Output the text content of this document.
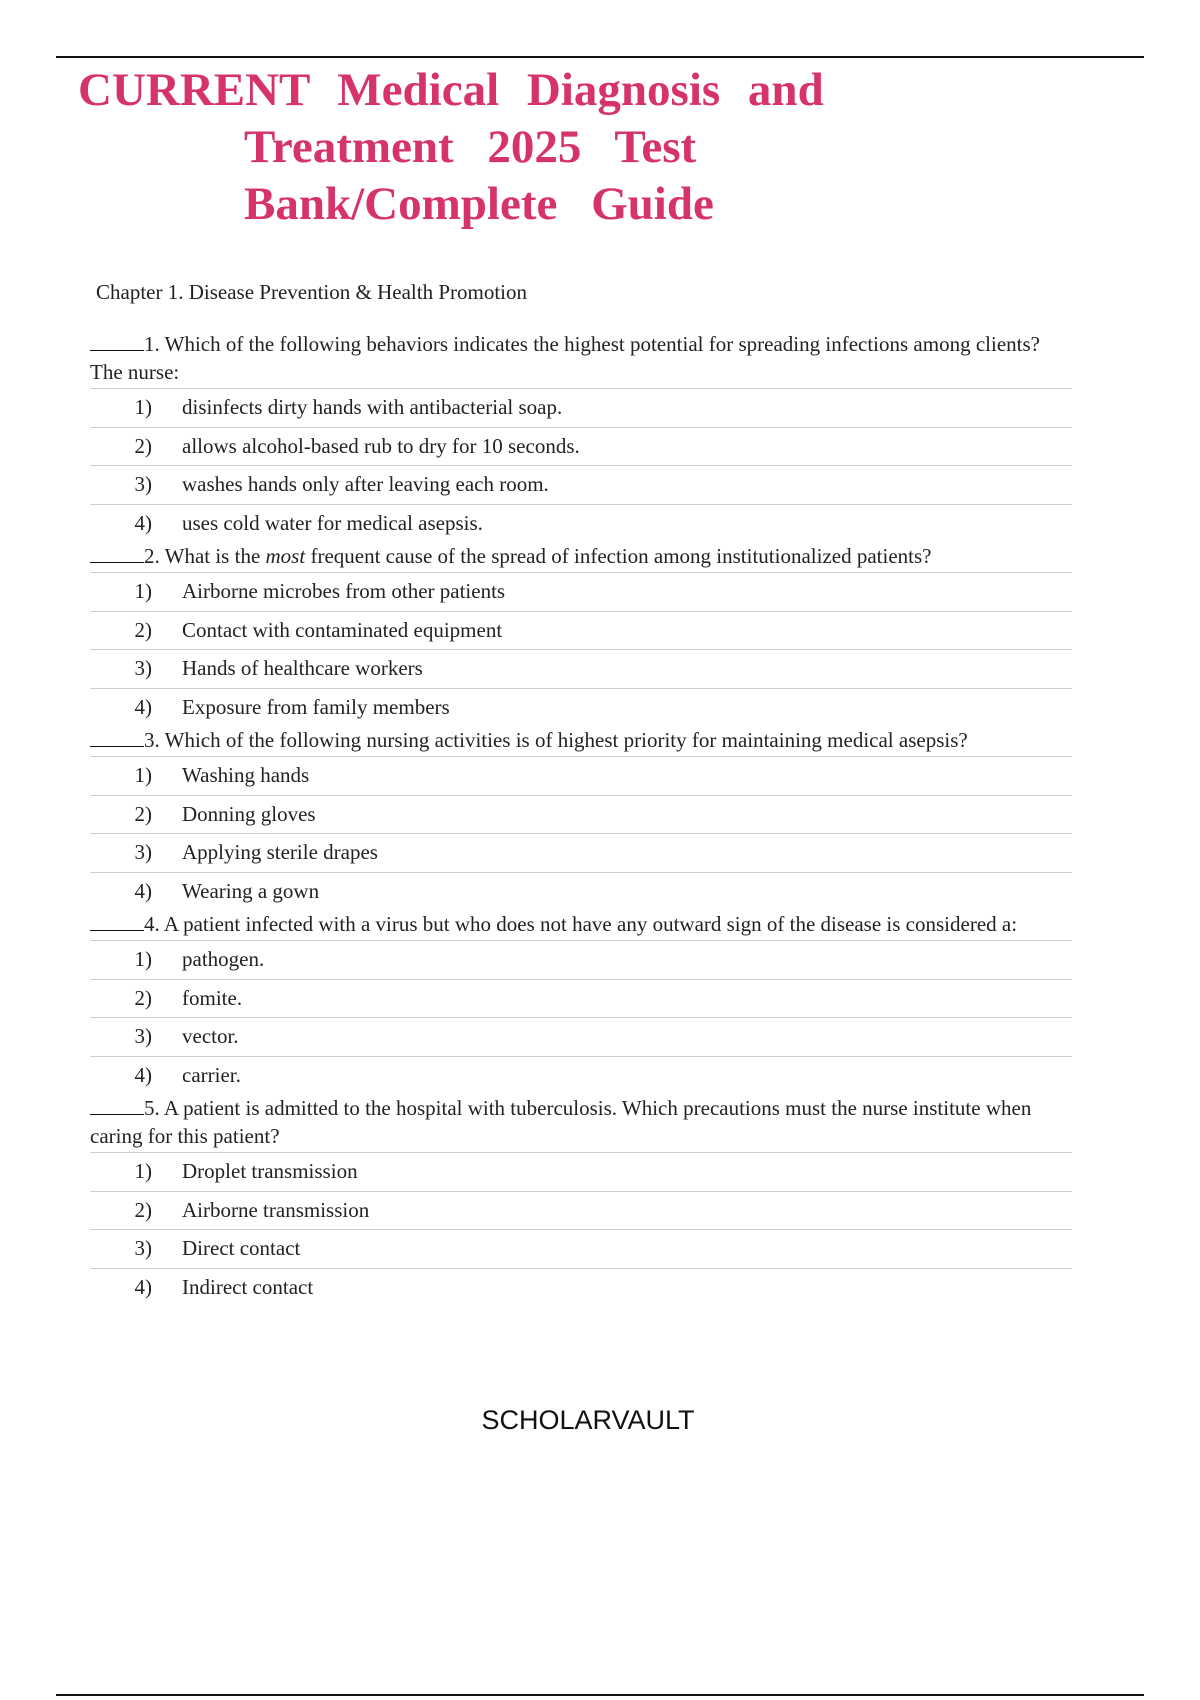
CURRENT Medical Diagnosis and
Treatment 2025 Test
Bank/Complete Guide
Chapter 1. Disease Prevention & Health Promotion
1. Which of the following behaviors indicates the highest potential for spreading infections among clients? The nurse:
1)	disinfects dirty hands with antibacterial soap.
2)	allows alcohol-based rub to dry for 10 seconds.
3)	washes hands only after leaving each room.
4)	uses cold water for medical asepsis.
2. What is the most frequent cause of the spread of infection among institutionalized patients?
1)	Airborne microbes from other patients
2)	Contact with contaminated equipment
3)	Hands of healthcare workers
4)	Exposure from family members
3. Which of the following nursing activities is of highest priority for maintaining medical asepsis?
1)	Washing hands
2)	Donning gloves
3)	Applying sterile drapes
4)	Wearing a gown
4. A patient infected with a virus but who does not have any outward sign of the disease is considered a:
1)	pathogen.
2)	fomite.
3)	vector.
4)	carrier.
5. A patient is admitted to the hospital with tuberculosis. Which precautions must the nurse institute when caring for this patient?
1)	Droplet transmission
2)	Airborne transmission
3)	Direct contact
4)	Indirect contact
SCHOLARVAULT
